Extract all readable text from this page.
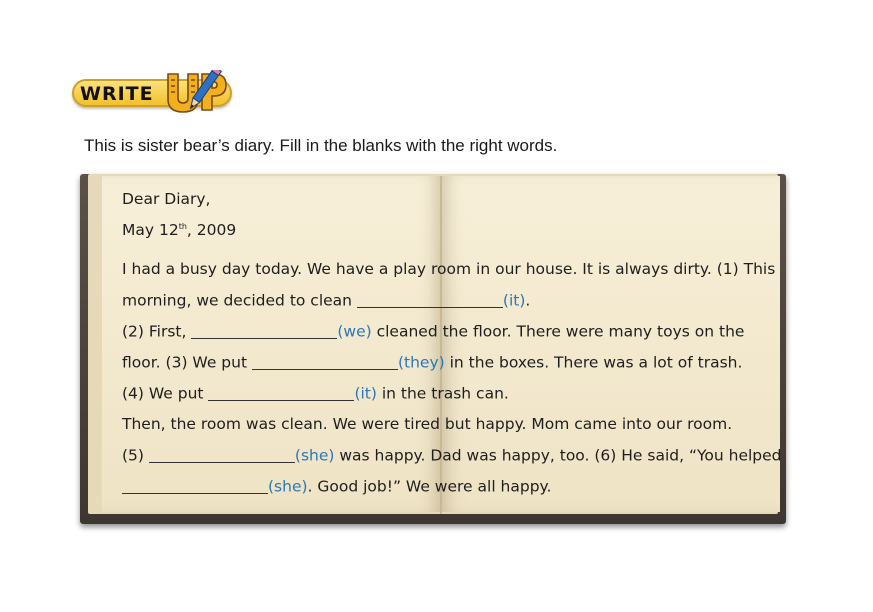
WRITE
This is sister bear’s diary. Fill in the blanks with the right words.
Dear Diary,
May 12th, 2009
I had a busy day today. We have a play room in our house. It is always dirty. (1) This
morning, we decided to clean	(it).
(2) First,	(we) cleaned the floor. There were many toys on the
floor. (3) We put	(they) in the boxes. There was a lot of trash.
(4) We put	(it) in the trash can.
Then, the room was clean. We were tired but happy. Mom came into our room.
(5)	(she) was happy. Dad was happy, too. (6) He said, “You helped
(she). Good job!” We were all happy.
